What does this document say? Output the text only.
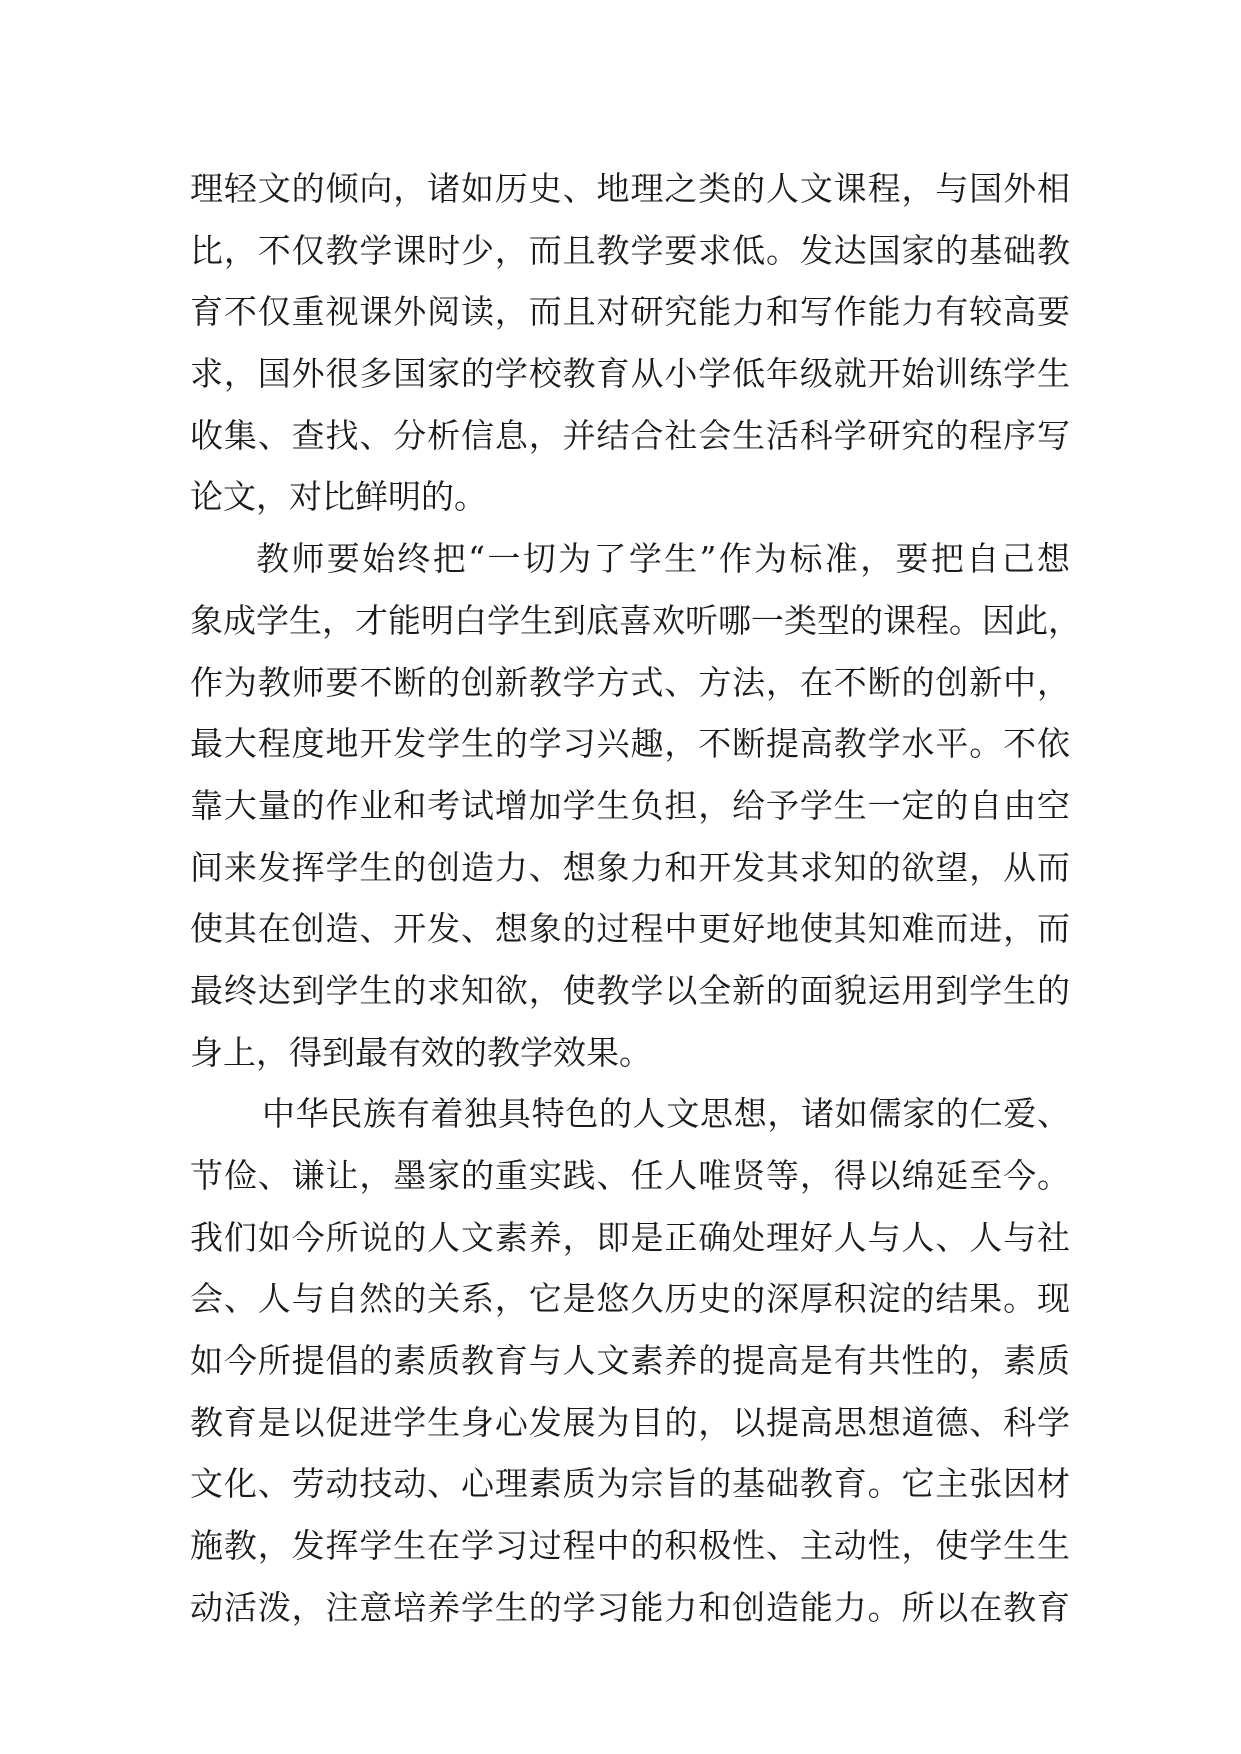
理轻文的倾向，诸如历史、地理之类的人文课程，与国外相
比，不仅教学课时少，而且教学要求低。发达国家的基础教
育不仅重视课外阅读，而且对研究能力和写作能力有较高要
求，国外很多国家的学校教育从小学低年级就开始训练学生
收集、查找、分析信息，并结合社会生活科学研究的程序写
论文，对比鲜明的。
教师要始终把“一切为了学生”作为标准，要把自己想
象成学生，才能明白学生到底喜欢听哪一类型的课程。因此，
作为教师要不断的创新教学方式、方法，在不断的创新中，
最大程度地开发学生的学习兴趣，不断提高教学水平。不依
靠大量的作业和考试增加学生负担，给予学生一定的自由空
间来发挥学生的创造力、想象力和开发其求知的欲望，从而
使其在创造、开发、想象的过程中更好地使其知难而进，而
最终达到学生的求知欲，使教学以全新的面貌运用到学生的
身上，得到最有效的教学效果。
中华民族有着独具特色的人文思想，诸如儒家的仁爱、
节俭、谦让，墨家的重实践、任人唯贤等，得以绵延至今。
我们如今所说的人文素养，即是正确处理好人与人、人与社
会、人与自然的关系，它是悠久历史的深厚积淀的结果。现
如今所提倡的素质教育与人文素养的提高是有共性的，素质
教育是以促进学生身心发展为目的，以提高思想道德、科学
文化、劳动技动、心理素质为宗旨的基础教育。它主张因材
施教，发挥学生在学习过程中的积极性、主动性，使学生生
动活泼，注意培养学生的学习能力和创造能力。所以在教育
